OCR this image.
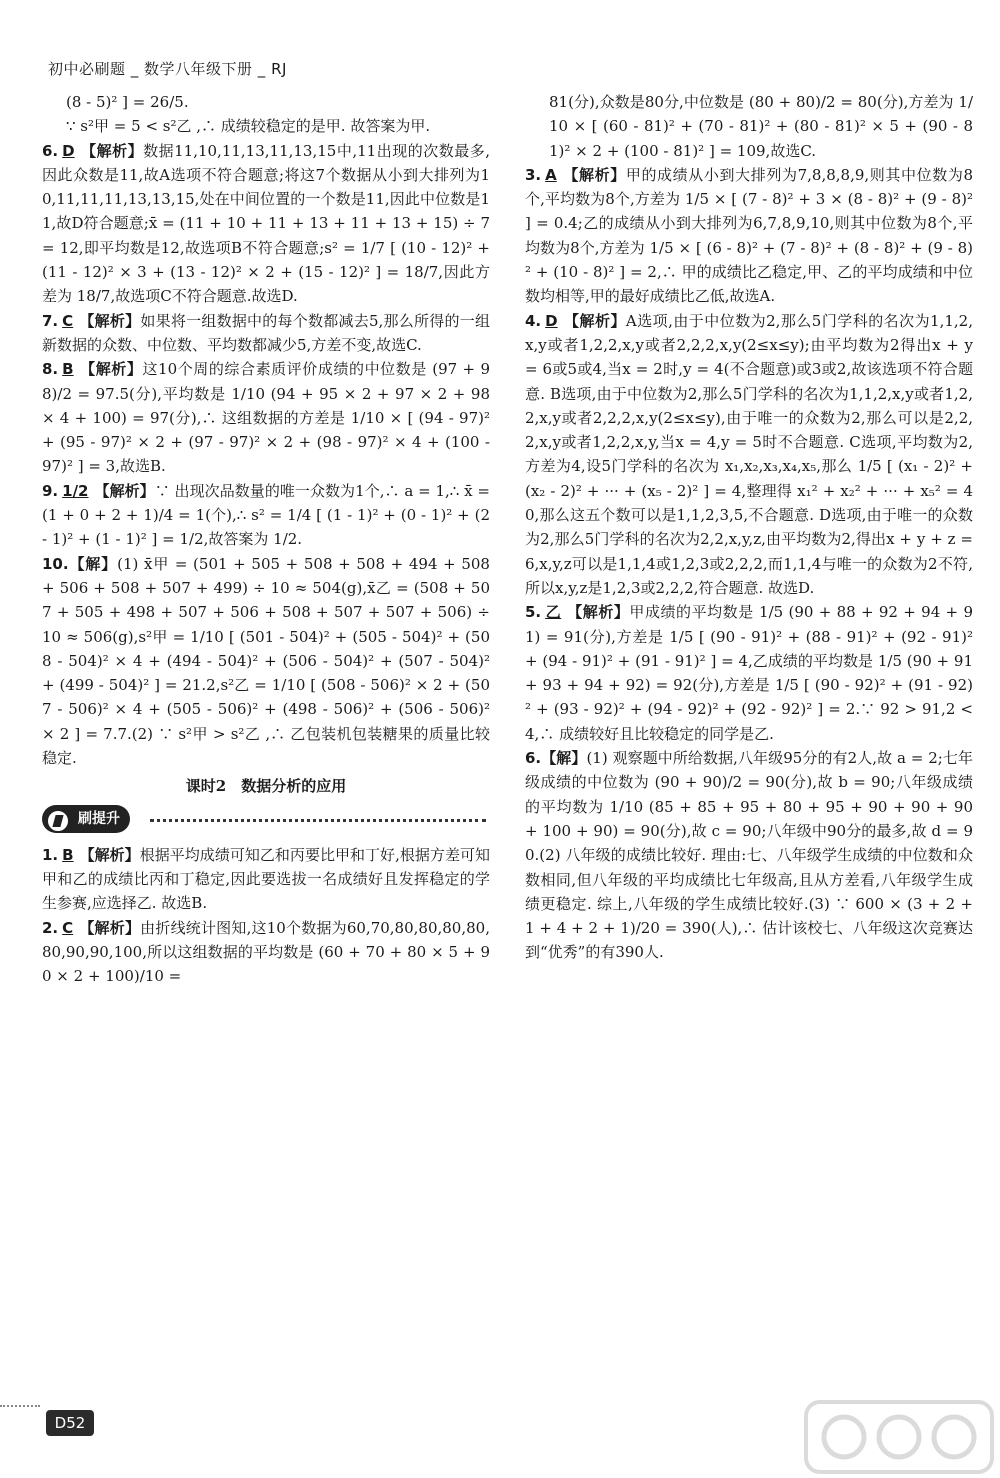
初中必刷题 _ 数学八年级下册 _ RJ

(8 - 5)² ] = 26/5.

∵ s²甲 = 5 < s²乙 ,∴ 成绩较稳定的是甲. 故答案为甲.

6. D 【解析】数据11,10,11,13,11,13,15中,11出现的次数最多,因此众数是11,故A选项不符合题意;将这7个数据从小到大排列为10,11,11,11,13,13,15,处在中间位置的一个数是11,因此中位数是11,故D符合题意;x̄ = (11 + 10 + 11 + 13 + 11 + 13 + 15) ÷ 7 = 12,即平均数是12,故选项B不符合题意;s² = 1/7 [ (10 - 12)² + (11 - 12)² × 3 + (13 - 12)² × 2 + (15 - 12)² ] = 18/7,因此方差为 18/7,故选项C不符合题意.故选D.

7. C 【解析】如果将一组数据中的每个数都减去5,那么所得的一组新数据的众数、中位数、平均数都减少5,方差不变,故选C.

8. B 【解析】这10个周的综合素质评价成绩的中位数是 (97 + 98)/2 = 97.5(分),平均数是 1/10 (94 + 95 × 2 + 97 × 2 + 98 × 4 + 100) = 97(分),∴ 这组数据的方差是 1/10 × [ (94 - 97)² + (95 - 97)² × 2 + (97 - 97)² × 2 + (98 - 97)² × 4 + (100 - 97)² ] = 3,故选B.

9. 1/2 【解析】∵ 出现次品数量的唯一众数为1个,∴ a = 1,∴ x̄ = (1 + 0 + 2 + 1)/4 = 1(个),∴ s² = 1/4 [ (1 - 1)² + (0 - 1)² + (2 - 1)² + (1 - 1)² ] = 1/2,故答案为 1/2.

10.【解】(1) x̄甲 = (501 + 505 + 508 + 508 + 494 + 508 + 506 + 508 + 507 + 499) ÷ 10 ≈ 504(g),x̄乙 = (508 + 507 + 505 + 498 + 507 + 506 + 508 + 507 + 507 + 506) ÷ 10 ≈ 506(g),s²甲 = 1/10 [ (501 - 504)² + (505 - 504)² + (508 - 504)² × 4 + (494 - 504)² + (506 - 504)² + (507 - 504)² + (499 - 504)² ] = 21.2,s²乙 = 1/10 [ (508 - 506)² × 2 + (507 - 506)² × 4 + (505 - 506)² + (498 - 506)² + (506 - 506)² × 2 ] = 7.7.(2) ∵ s²甲 > s²乙 ,∴ 乙包装机包装糖果的质量比较稳定.

课时2　数据分析的应用
刷提升

1. B 【解析】根据平均成绩可知乙和丙要比甲和丁好,根据方差可知甲和乙的成绩比丙和丁稳定,因此要选拔一名成绩好且发挥稳定的学生参赛,应选择乙. 故选B.

2. C 【解析】由折线统计图知,这10个数据为60,70,80,80,80,80,80,90,90,100,所以这组数据的平均数是 (60 + 70 + 80 × 5 + 90 × 2 + 100)/10 =

81(分),众数是80分,中位数是 (80 + 80)/2 = 80(分),方差为 1/10 × [ (60 - 81)² + (70 - 81)² + (80 - 81)² × 5 + (90 - 81)² × 2 + (100 - 81)² ] = 109,故选C.

3. A 【解析】甲的成绩从小到大排列为7,8,8,8,9,则其中位数为8个,平均数为8个,方差为 1/5 × [ (7 - 8)² + 3 × (8 - 8)² + (9 - 8)² ] = 0.4;乙的成绩从小到大排列为6,7,8,9,10,则其中位数为8个,平均数为8个,方差为 1/5 × [ (6 - 8)² + (7 - 8)² + (8 - 8)² + (9 - 8)² + (10 - 8)² ] = 2,∴ 甲的成绩比乙稳定,甲、乙的平均成绩和中位数均相等,甲的最好成绩比乙低,故选A.

4. D 【解析】A选项,由于中位数为2,那么5门学科的名次为1,1,2,x,y或者1,2,2,x,y或者2,2,2,x,y(2≤x≤y);由平均数为2得出x + y = 6或5或4,当x = 2时,y = 4(不合题意)或3或2,故该选项不符合题意. B选项,由于中位数为2,那么5门学科的名次为1,1,2,x,y或者1,2,2,x,y或者2,2,2,x,y(2≤x≤y),由于唯一的众数为2,那么可以是2,2,2,x,y或者1,2,2,x,y,当x = 4,y = 5时不合题意. C选项,平均数为2,方差为4,设5门学科的名次为 x₁,x₂,x₃,x₄,x₅,那么 1/5 [ (x₁ - 2)² + (x₂ - 2)² + ··· + (x₅ - 2)² ] = 4,整理得 x₁² + x₂² + ··· + x₅² = 40,那么这五个数可以是1,1,2,3,5,不合题意. D选项,由于唯一的众数为2,那么5门学科的名次为2,2,x,y,z,由平均数为2,得出x + y + z = 6,x,y,z可以是1,1,4或1,2,3或2,2,2,而1,1,4与唯一的众数为2不符,所以x,y,z是1,2,3或2,2,2,符合题意. 故选D.

5. 乙 【解析】甲成绩的平均数是 1/5 (90 + 88 + 92 + 94 + 91) = 91(分),方差是 1/5 [ (90 - 91)² + (88 - 91)² + (92 - 91)² + (94 - 91)² + (91 - 91)² ] = 4,乙成绩的平均数是 1/5 (90 + 91 + 93 + 94 + 92) = 92(分),方差是 1/5 [ (90 - 92)² + (91 - 92)² + (93 - 92)² + (94 - 92)² + (92 - 92)² ] = 2.∵ 92 > 91,2 < 4,∴ 成绩较好且比较稳定的同学是乙.

6.【解】(1) 观察题中所给数据,八年级95分的有2人,故 a = 2;七年级成绩的中位数为 (90 + 90)/2 = 90(分),故 b = 90;八年级成绩的平均数为 1/10 (85 + 85 + 95 + 80 + 95 + 90 + 90 + 90 + 100 + 90) = 90(分),故 c = 90;八年级中90分的最多,故 d = 90.(2) 八年级的成绩比较好. 理由:七、八年级学生成绩的中位数和众数相同,但八年级的平均成绩比七年级高,且从方差看,八年级学生成绩更稳定. 综上,八年级的学生成绩比较好.(3) ∵ 600 × (3 + 2 + 1 + 4 + 2 + 1)/20 = 390(人),∴ 估计该校七、八年级这次竞赛达到“优秀”的有390人.

D52
